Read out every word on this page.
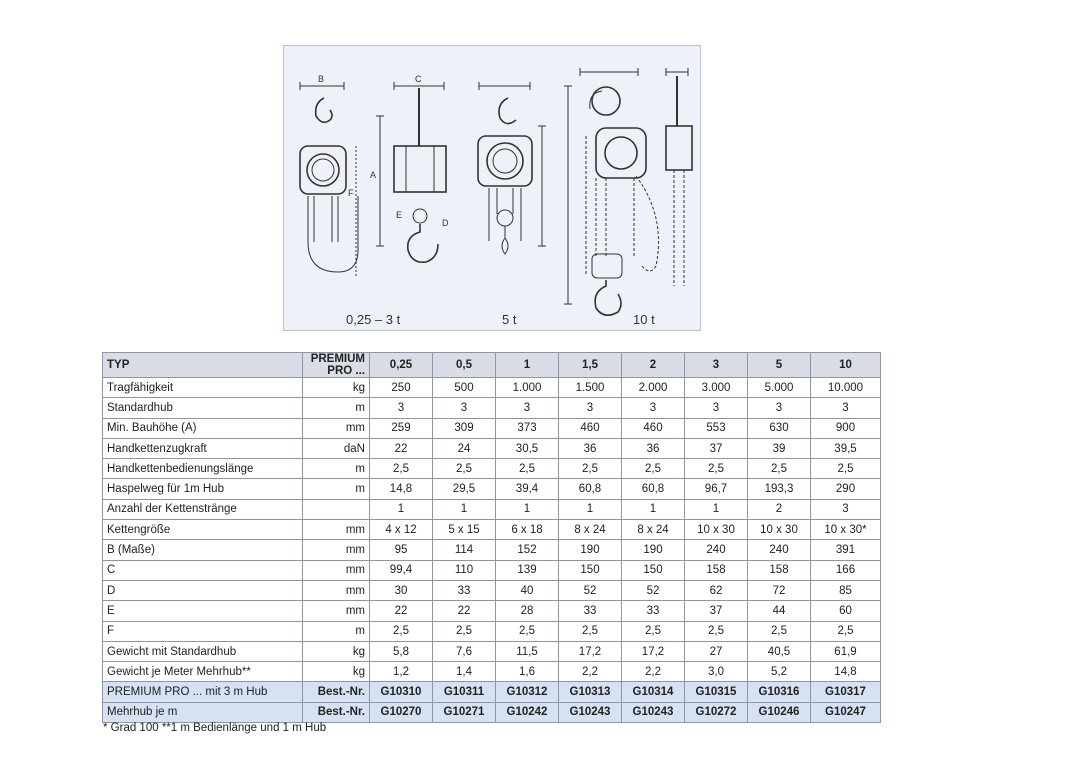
B	C
A
F
D
E
0,25 – 3 t	5 t	10 t
TYP	PREMIUM PRO ...	0,25	0,5	1	1,5	2	3	5	10
Tragfähigkeit	kg	250	500	1.000	1.500	2.000	3.000	5.000	10.000
Standardhub	m	3	3	3	3	3	3	3	3
Min. Bauhöhe (A)	mm	259	309	373	460	460	553	630	900
Handkettenzugkraft	daN	22	24	30,5	36	36	37	39	39,5
Handkettenbedienungslänge	m	2,5	2,5	2,5	2,5	2,5	2,5	2,5	2,5
Haspelweg für 1m Hub	m	14,8	29,5	39,4	60,8	60,8	96,7	193,3	290
Anzahl der Kettenstränge		1	1	1	1	1	1	2	3
Kettengröße	mm	4 x 12	5 x 15	6 x 18	8 x 24	8 x 24	10 x 30	10 x 30	10 x 30*
B (Maße)	mm	95	114	152	190	190	240	240	391
C	mm	99,4	110	139	150	150	158	158	166
D	mm	30	33	40	52	52	62	72	85
E	mm	22	22	28	33	33	37	44	60
F	m	2,5	2,5	2,5	2,5	2,5	2,5	2,5	2,5
Gewicht mit Standardhub	kg	5,8	7,6	11,5	17,2	17,2	27	40,5	61,9
Gewicht je Meter Mehrhub**	kg	1,2	1,4	1,6	2,2	2,2	3,0	5,2	14,8
PREMIUM PRO ... mit 3 m Hub	Best.-Nr.	G10310	G10311	G10312	G10313	G10314	G10315	G10316	G10317
Mehrhub je m	Best.-Nr.	G10270	G10271	G10242	G10243	G10243	G10272	G10246	G10247
* Grad 100 **1 m Bedienlänge und 1 m Hub
